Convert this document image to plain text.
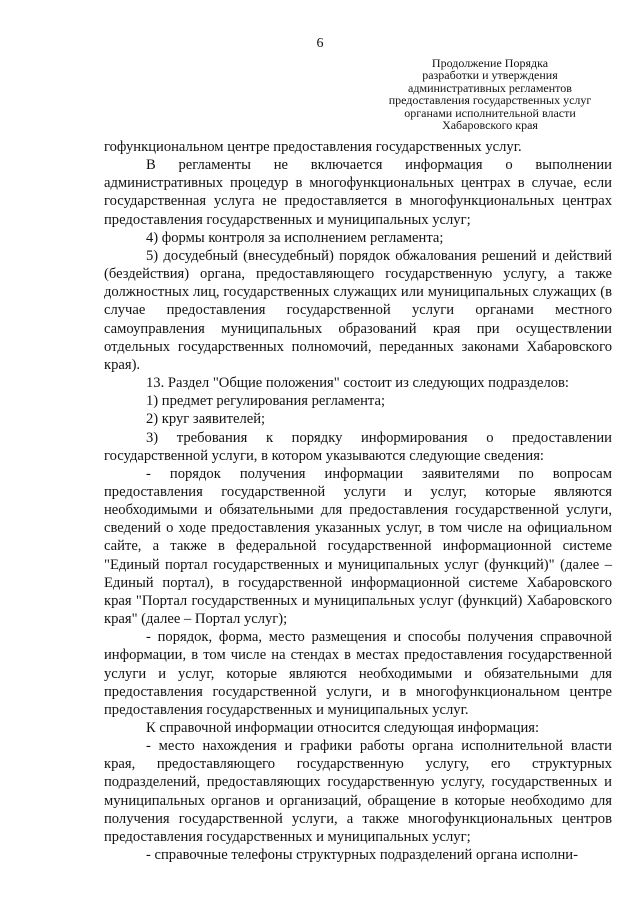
6
Продолжение Порядка
разработки и утверждения
административных регламентов
предоставления государственных услуг
органами исполнительной власти
Хабаровского края

гофункциональном центре предоставления государственных услуг.

В регламенты не включается информация о выполнении административных процедур в многофункциональных центрах в случае, если государственная услуга не предоставляется в многофункциональных центрах предоставления государственных и муниципальных услуг;

4) формы контроля за исполнением регламента;

5) досудебный (внесудебный) порядок обжалования решений и действий (бездействия) органа, предоставляющего государственную услугу, а также должностных лиц, государственных служащих или муниципальных служащих (в случае предоставления государственной услуги органами местного самоуправления муниципальных образований края при осуществлении отдельных государственных полномочий, переданных законами Хабаровского края).

13. Раздел "Общие положения" состоит из следующих подразделов:

1) предмет регулирования регламента;

2) круг заявителей;

3) требования к порядку информирования о предоставлении государственной услуги, в котором указываются следующие сведения:

- порядок получения информации заявителями по вопросам предоставления государственной услуги и услуг, которые являются необходимыми и обязательными для предоставления государственной услуги, сведений о ходе предоставления указанных услуг, в том числе на официальном сайте, а также в федеральной государственной информационной системе "Единый портал государственных и муниципальных услуг (функций)" (далее – Единый портал), в государственной информационной системе Хабаровского края "Портал государственных и муниципальных услуг (функций) Хабаровского края" (далее – Портал услуг);

- порядок, форма, место размещения и способы получения справочной информации, в том числе на стендах в местах предоставления государственной услуги и услуг, которые являются необходимыми и обязательными для предоставления государственной услуги, и в многофункциональном центре предоставления государственных и муниципальных услуг.

К справочной информации относится следующая информация:

- место нахождения и графики работы органа исполнительной власти края, предоставляющего государственную услугу, его структурных подразделений, предоставляющих государственную услугу, государственных и муниципальных органов и организаций, обращение в которые необходимо для получения государственной услуги, а также многофункциональных центров предоставления государственных и муниципальных услуг;

- справочные телефоны структурных подразделений органа исполни-
